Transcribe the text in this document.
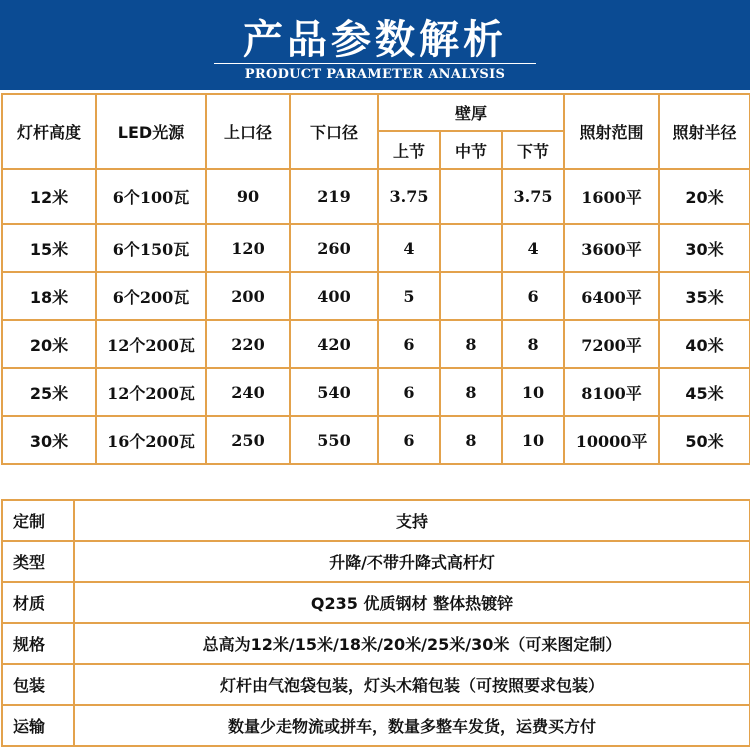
产品参数解析
PRODUCT PARAMETER ANALYSIS
灯杆高度	LED光源	上口径	下口径	壁厚			照射范围	照射半径
				上节	中节	下节		
12米	6个100瓦	90	219	3.75		3.75	1600平	20米
15米	6个150瓦	120	260	4		4	3600平	30米
18米	6个200瓦	200	400	5		6	6400平	35米
20米	12个200瓦	220	420	6	8	8	7200平	40米
25米	12个200瓦	240	540	6	8	10	8100平	45米
30米	16个200瓦	250	550	6	8	10	10000平	50米
定制	支持
类型	升降/不带升降式高杆灯
材质	Q235 优质钢材 整体热镀锌
规格	总高为12米/15米/18米/20米/25米/30米（可来图定制）
包装	灯杆由气泡袋包装，灯头木箱包装（可按照要求包装）
运输	数量少走物流或拼车，数量多整车发货，运费买方付
